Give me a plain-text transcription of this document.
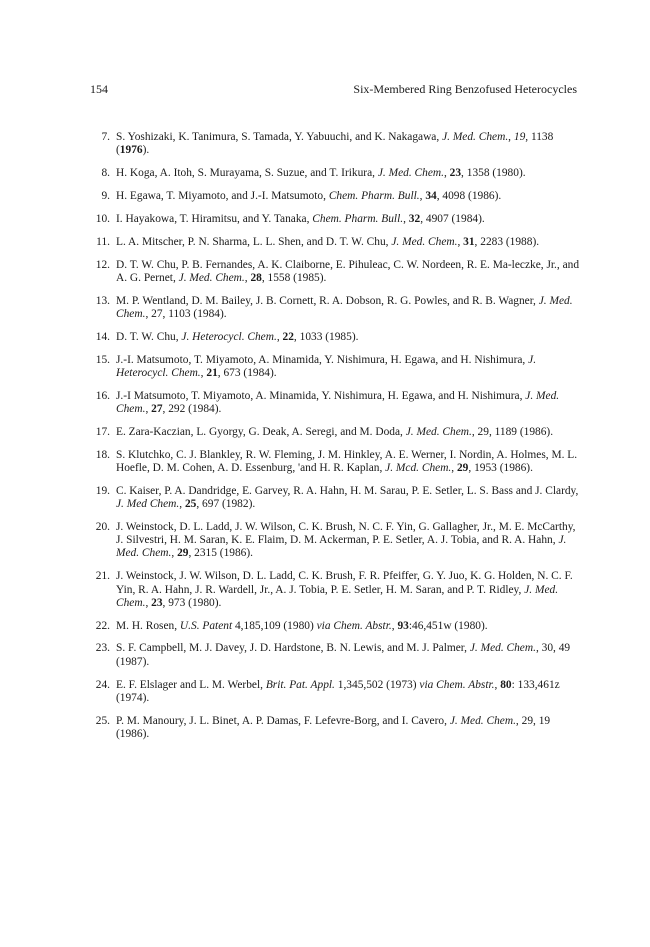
154	Six-Membered Ring Benzofused Heterocycles
7. S. Yoshizaki, K. Tanimura, S. Tamada, Y. Yabuuchi, and K. Nakagawa, J. Med. Chem., 19, 1138 (1976).
8. H. Koga, A. Itoh, S. Murayama, S. Suzue, and T. Irikura, J. Med. Chem., 23, 1358 (1980).
9. H. Egawa, T. Miyamoto, and J.-I. Matsumoto, Chem. Pharm. Bull., 34, 4098 (1986).
10. I. Hayakowa, T. Hiramitsu, and Y. Tanaka, Chem. Pharm. Bull., 32, 4907 (1984).
11. L. A. Mitscher, P. N. Sharma, L. L. Shen, and D. T. W. Chu, J. Med. Chem., 31, 2283 (1988).
12. D. T. W. Chu, P. B. Fernandes, A. K. Claiborne, E. Pihuleac, C. W. Nordeen, R. E. Ma-leczke, Jr., and A. G. Pernet, J. Med. Chem., 28, 1558 (1985).
13. M. P. Wentland, D. M. Bailey, J. B. Cornett, R. A. Dobson, R. G. Powles, and R. B. Wagner, J. Med. Chem., 27, 1103 (1984).
14. D. T. W. Chu, J. Heterocycl. Chem., 22, 1033 (1985).
15. J.-I. Matsumoto, T. Miyamoto, A. Minamida, Y. Nishimura, H. Egawa, and H. Nishimura, J. Heterocycl. Chem., 21, 673 (1984).
16. J.-I Matsumoto, T. Miyamoto, A. Minamida, Y. Nishimura, H. Egawa, and H. Nishimura, J. Med. Chem., 27, 292 (1984).
17. E. Zara-Kaczian, L. Gyorgy, G. Deak, A. Seregi, and M. Doda, J. Med. Chem., 29, 1189 (1986).
18. S. Klutchko, C. J. Blankley, R. W. Fleming, J. M. Hinkley, A. E. Werner, I. Nordin, A. Holmes, M. L. Hoefle, D. M. Cohen, A. D. Essenburg, 'and H. R. Kaplan, J. Mcd. Chem., 29, 1953 (1986).
19. C. Kaiser, P. A. Dandridge, E. Garvey, R. A. Hahn, H. M. Sarau, P. E. Setler, L. S. Bass and J. Clardy, J. Med Chem., 25, 697 (1982).
20. J. Weinstock, D. L. Ladd, J. W. Wilson, C. K. Brush, N. C. F. Yin, G. Gallagher, Jr., M. E. McCarthy, J. Silvestri, H. M. Saran, K. E. Flaim, D. M. Ackerman, P. E. Setler, A. J. Tobia, and R. A. Hahn, J. Med. Chem., 29, 2315 (1986).
21. J. Weinstock, J. W. Wilson, D. L. Ladd, C. K. Brush, F. R. Pfeiffer, G. Y. Juo, K. G. Holden, N. C. F. Yin, R. A. Hahn, J. R. Wardell, Jr., A. J. Tobia, P. E. Setler, H. M. Saran, and P. T. Ridley, J. Med. Chem., 23, 973 (1980).
22. M. H. Rosen, U.S. Patent 4,185,109 (1980) via Chem. Abstr., 93:46,451w (1980).
23. S. F. Campbell, M. J. Davey, J. D. Hardstone, B. N. Lewis, and M. J. Palmer, J. Med. Chem., 30, 49 (1987).
24. E. F. Elslager and L. M. Werbel, Brit. Pat. Appl. 1,345,502 (1973) via Chem. Abstr., 80: 133,461z (1974).
25. P. M. Manoury, J. L. Binet, A. P. Damas, F. Lefevre-Borg, and I. Cavero, J. Med. Chem., 29, 19 (1986).
